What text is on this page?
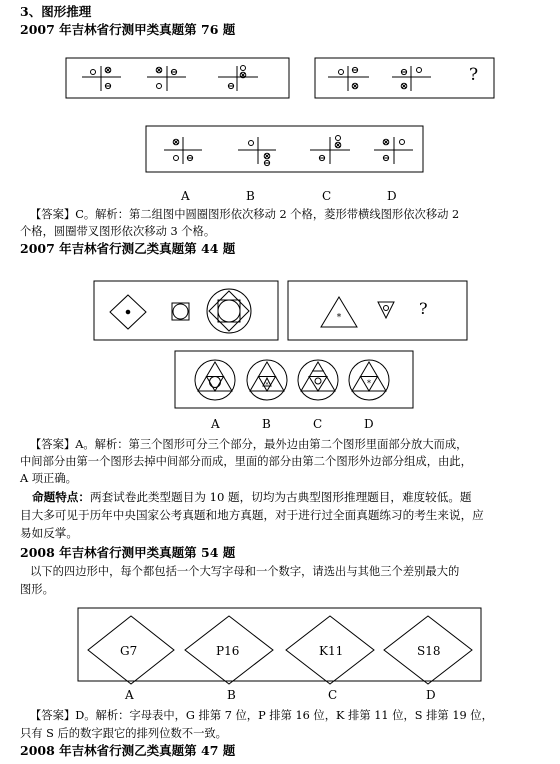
3、图形推理
2007 年吉林省行测甲类真题第 76 题
A	B	C	D
?
【答案】C。解析：第二组图中圆圈图形依次移动 2 个格，菱形带横线图形依次移动 2
个格，圆圈带叉图形依次移动 3 个格。
2007 年吉林省行测乙类真题第 44 题
?
A	B	C	D
【答案】A。解析：第三个图形可分三个部分，最外边由第二个图形里面部分放大而成，
中间部分由第一个图形去掉中间部分而成，里面的部分由第二个图形外边部分组成，由此，
A 项正确。
命题特点：两套试卷此类型题目为 10 题，切均为古典型图形推理题目，难度较低。题
目大多可见于历年中央国家公考真题和地方真题，对于进行过全面真题练习的考生来说，应
易如反掌。
2008 年吉林省行测甲类真题第 54 题
以下的四边形中，每个都包括一个大写字母和一个数字，请选出与其他三个差别最大的
图形。
G7	P16	K11	S18
A	B	C	D
【答案】D。解析：字母表中，G 排第 7 位，P 排第 16 位，K 排第 11 位，S 排第 19 位，
只有 S 后的数字跟它的排列位数不一致。
2008 年吉林省行测乙类真题第 47 题
*
*	*
